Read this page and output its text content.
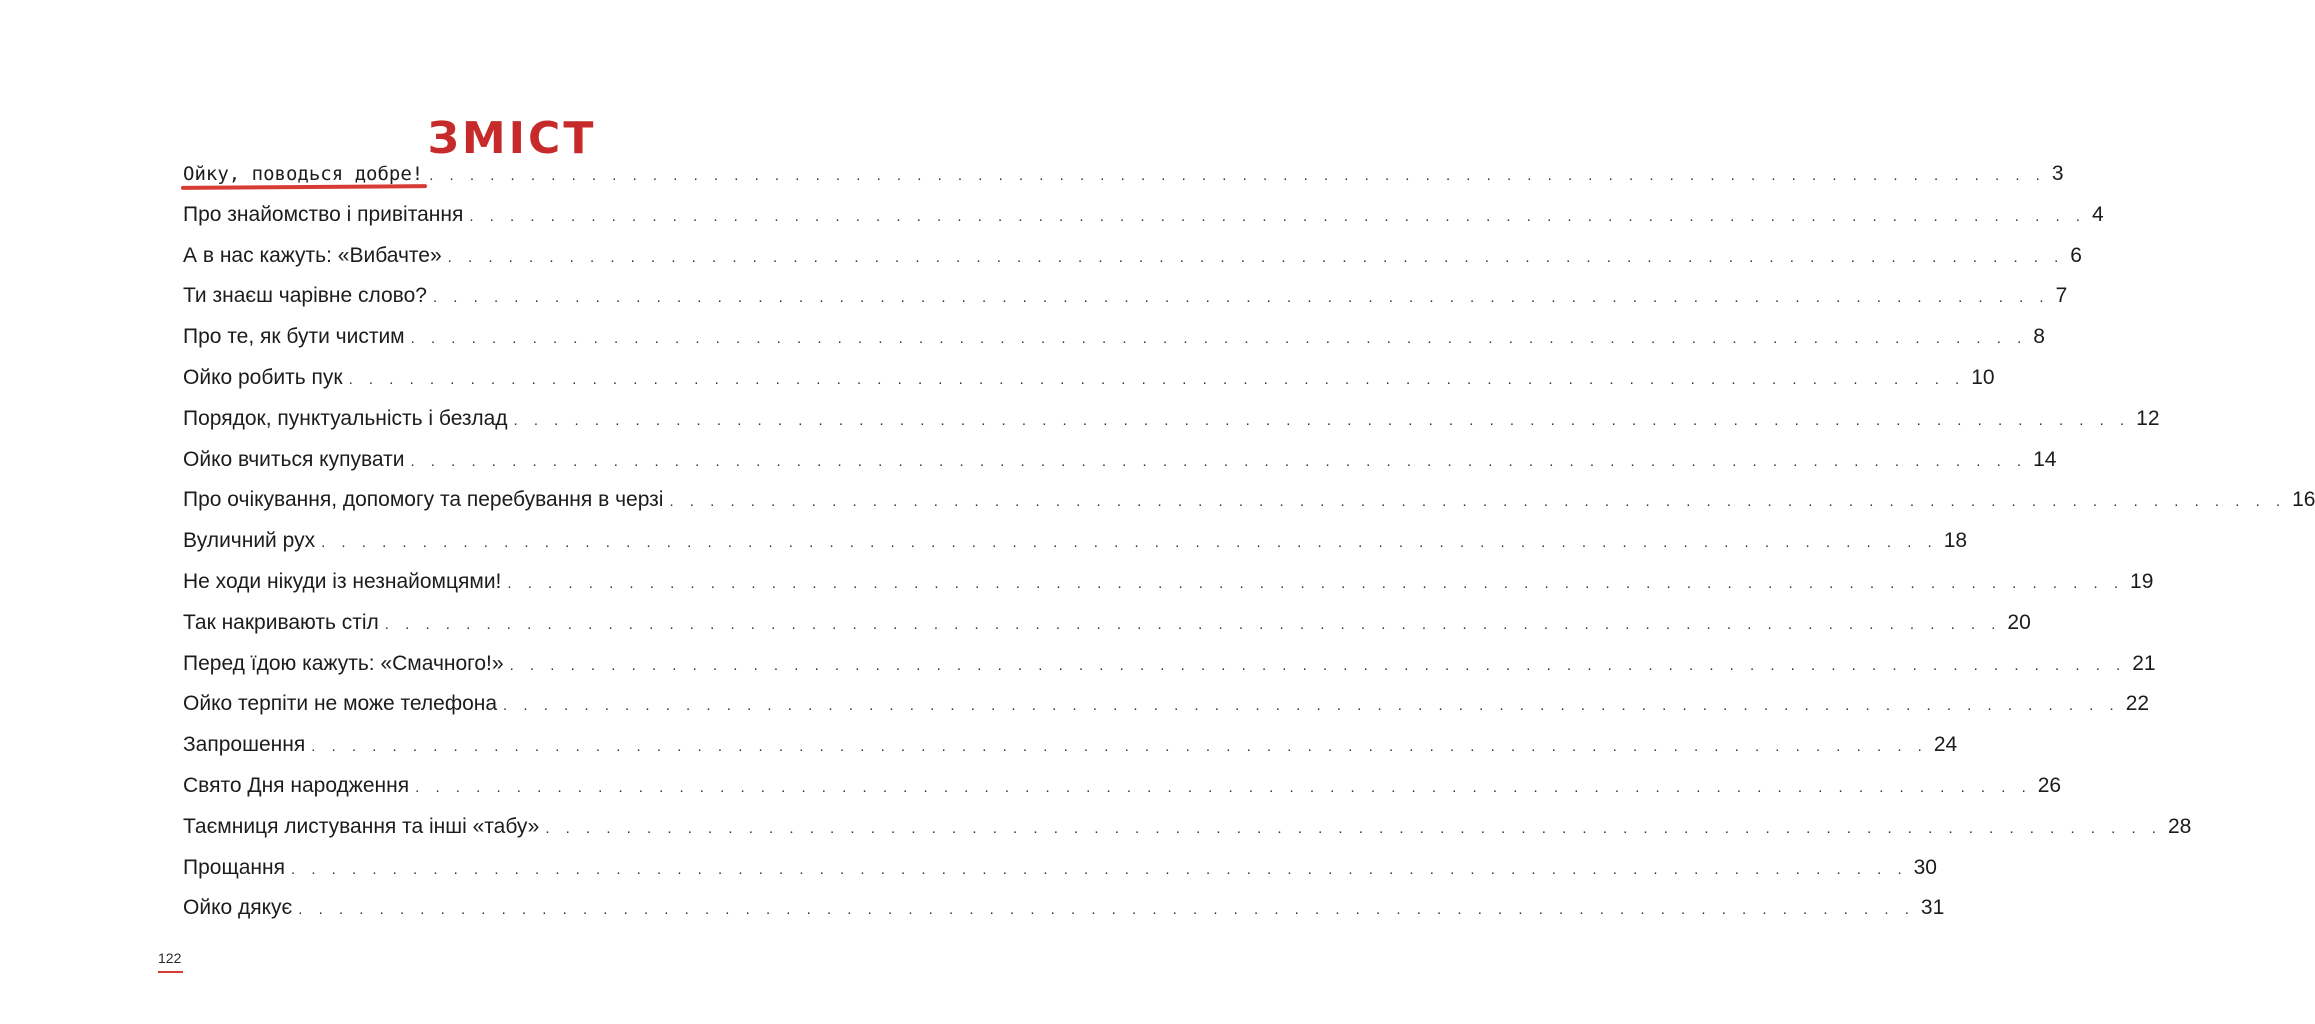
ЗМІСТ
Ойку, поводься добре! . . . . . . . . . . . . . . . . . . . . . . . . . . . . . . . . . . . . . . . . . . . . . . . . . . . . . . . . . . . . . . . . . . . . . . . . . . . . . . . . 3
Про знайомство і привітання . . . . . . . . . . . . . . . . . . . . . . . . . . . . . . . . . . . . . . . . . . . . . . . . . . . . . . . . . . . . . . . . . . . . . . . . . . . . . . . . 4
А в нас кажуть: «Вибачте» . . . . . . . . . . . . . . . . . . . . . . . . . . . . . . . . . . . . . . . . . . . . . . . . . . . . . . . . . . . . . . . . . . . . . . . . . . . . . . . . 6
Ти знаєш чарівне слово? . . . . . . . . . . . . . . . . . . . . . . . . . . . . . . . . . . . . . . . . . . . . . . . . . . . . . . . . . . . . . . . . . . . . . . . . . . . . . . . . 7
Про те, як бути чистим . . . . . . . . . . . . . . . . . . . . . . . . . . . . . . . . . . . . . . . . . . . . . . . . . . . . . . . . . . . . . . . . . . . . . . . . . . . . . . . . 8
Ойко робить пук . . . . . . . . . . . . . . . . . . . . . . . . . . . . . . . . . . . . . . . . . . . . . . . . . . . . . . . . . . . . . . . . . . . . . . . . . . . . . . . . 10
Порядок, пунктуальність і безлад . . . . . . . . . . . . . . . . . . . . . . . . . . . . . . . . . . . . . . . . . . . . . . . . . . . . . . . . . . . . . . . . . . . . . . . . . . . . . . . . 12
Ойко вчиться купувати . . . . . . . . . . . . . . . . . . . . . . . . . . . . . . . . . . . . . . . . . . . . . . . . . . . . . . . . . . . . . . . . . . . . . . . . . . . . . . . . 14
Про очікування, допомогу та перебування в черзі . . . . . . . . . . . . . . . . . . . . . . . . . . . . . . . . . . . . . . . . . . . . . . . . . . . . . . . . . . . . . . . . . . . . . . . . . . . . . . . . 16
Вуличний рух . . . . . . . . . . . . . . . . . . . . . . . . . . . . . . . . . . . . . . . . . . . . . . . . . . . . . . . . . . . . . . . . . . . . . . . . . . . . . . . . 18
Не ходи нікуди із незнайомцями! . . . . . . . . . . . . . . . . . . . . . . . . . . . . . . . . . . . . . . . . . . . . . . . . . . . . . . . . . . . . . . . . . . . . . . . . . . . . . . . . 19
Так накривають стіл . . . . . . . . . . . . . . . . . . . . . . . . . . . . . . . . . . . . . . . . . . . . . . . . . . . . . . . . . . . . . . . . . . . . . . . . . . . . . . . . 20
Перед їдою кажуть: «Смачного!» . . . . . . . . . . . . . . . . . . . . . . . . . . . . . . . . . . . . . . . . . . . . . . . . . . . . . . . . . . . . . . . . . . . . . . . . . . . . . . . . 21
Ойко терпіти не може телефона . . . . . . . . . . . . . . . . . . . . . . . . . . . . . . . . . . . . . . . . . . . . . . . . . . . . . . . . . . . . . . . . . . . . . . . . . . . . . . . . 22
Запрошення . . . . . . . . . . . . . . . . . . . . . . . . . . . . . . . . . . . . . . . . . . . . . . . . . . . . . . . . . . . . . . . . . . . . . . . . . . . . . . . . 24
Свято Дня народження . . . . . . . . . . . . . . . . . . . . . . . . . . . . . . . . . . . . . . . . . . . . . . . . . . . . . . . . . . . . . . . . . . . . . . . . . . . . . . . . 26
Таємниця листування та інші «табу» . . . . . . . . . . . . . . . . . . . . . . . . . . . . . . . . . . . . . . . . . . . . . . . . . . . . . . . . . . . . . . . . . . . . . . . . . . . . . . . . 28
Прощання . . . . . . . . . . . . . . . . . . . . . . . . . . . . . . . . . . . . . . . . . . . . . . . . . . . . . . . . . . . . . . . . . . . . . . . . . . . . . . . . 30
Ойко дякує . . . . . . . . . . . . . . . . . . . . . . . . . . . . . . . . . . . . . . . . . . . . . . . . . . . . . . . . . . . . . . . . . . . . . . . . . . . . . . . . 31
122
